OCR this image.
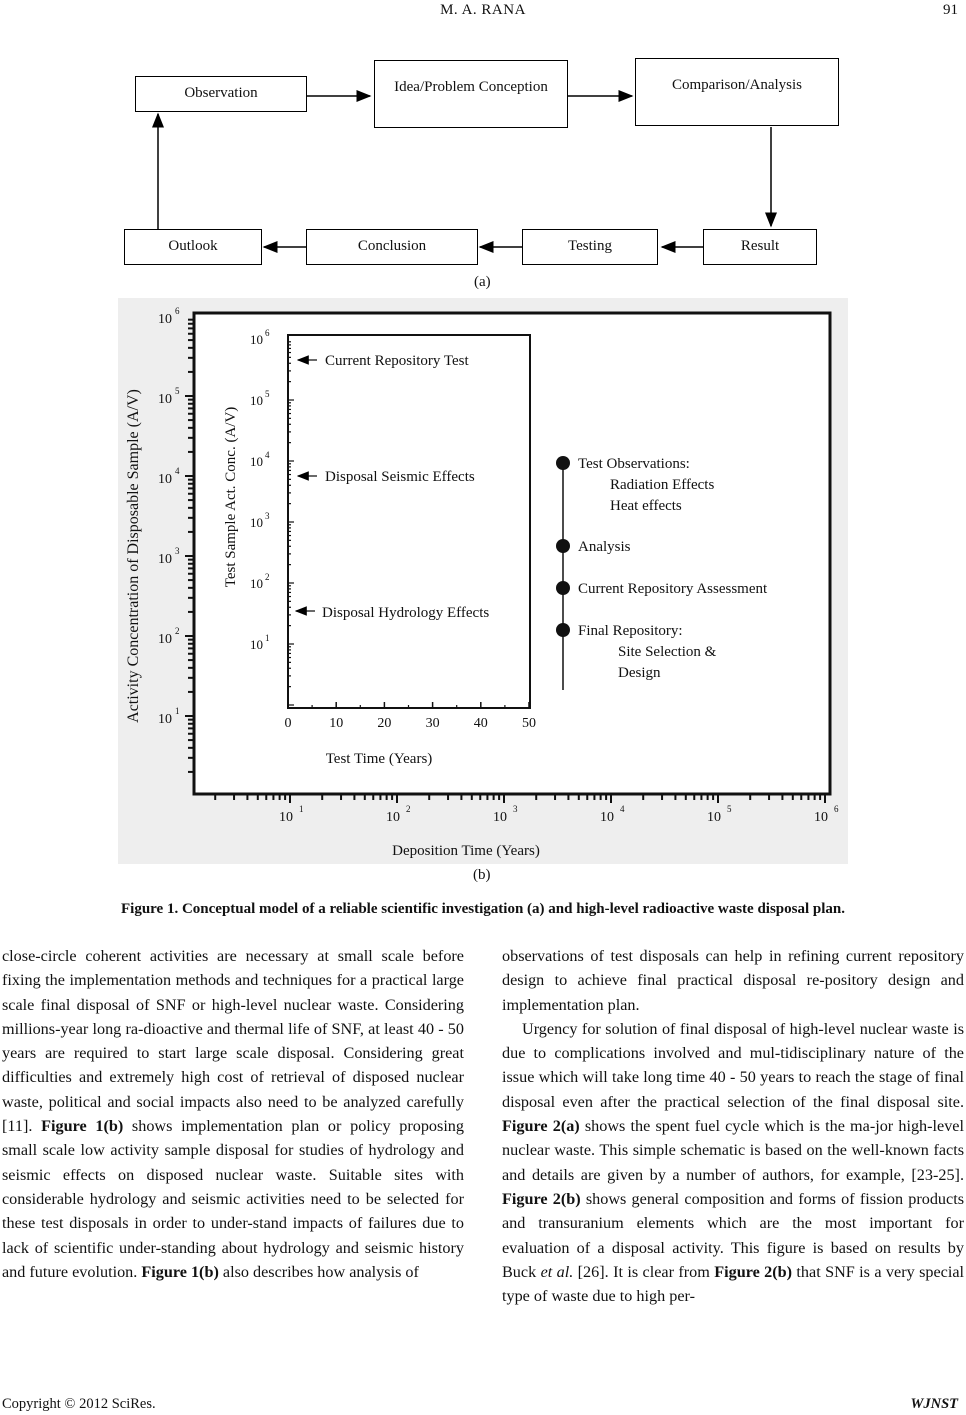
M. A. RANA	91
Observation	Idea/Problem Conception	Comparison/Analysis
Result
Testing
Conclusion
Outlook
(a)
Activity Concentration of Disposable Sample (A/V)
Deposition Time (Years)
Test Sample Act. Conc. (A/V)
Test Time (Years)
Current Repository Test
Disposal Seismic Effects
Disposal Hydrology Effects
Test Observations:
Radiation Effects
Heat effects
Analysis
Current Repository Assessment
Final Repository:
Site Selection &
Design
10
1
10
2
10
3
10
4
10
5
10
6
10
6
10
5
10
4
10
3
10
2
10
1
0	10 20 30 40 50
10 6
10 5
10 4
10 3
10 2
10 1
(b)
Figure 1. Conceptual model of a reliable scientific investigation (a) and high-level radioactive waste disposal plan.

close-circle coherent activities are necessary at small scale before fixing the implementation methods and techniques for a practical large scale final disposal of SNF or high-level nuclear waste. Considering millions-year long ra-dioactive and thermal life of SNF, at least 40 - 50 years are required to start large scale disposal. Considering great difficulties and extremely high cost of retrieval of disposed nuclear waste, political and social impacts also need to be analyzed carefully [11]. Figure 1(b) shows implementation plan or policy proposing small scale low activity sample disposal for studies of hydrology and seismic effects on disposed nuclear waste. Suitable sites with considerable hydrology and seismic activities need to be selected for these test disposals in order to under-stand impacts of failures due to lack of scientific under-standing about hydrology and seismic history and future evolution. Figure 1(b) also describes how analysis of

observations of test disposals can help in refining current repository design to achieve final practical disposal re-pository design and implementation plan.

Urgency for solution of final disposal of high-level nuclear waste is due to complications involved and mul-tidisciplinary nature of the issue which will take long time 40 - 50 years to reach the stage of final disposal even after the practical selection of the final disposal site. Figure 2(a) shows the spent fuel cycle which is the ma-jor high-level nuclear waste. This simple schematic is based on the well-known facts and details are given by a number of authors, for example, [23-25]. Figure 2(b) shows general composition and forms of fission products and transuranium elements which are the most important for evaluation of a disposal activity. This figure is based on results by Buck et al. [26]. It is clear from Figure 2(b) that SNF is a very special type of waste due to high per-

Copyright © 2012 SciRes.	WJNST
